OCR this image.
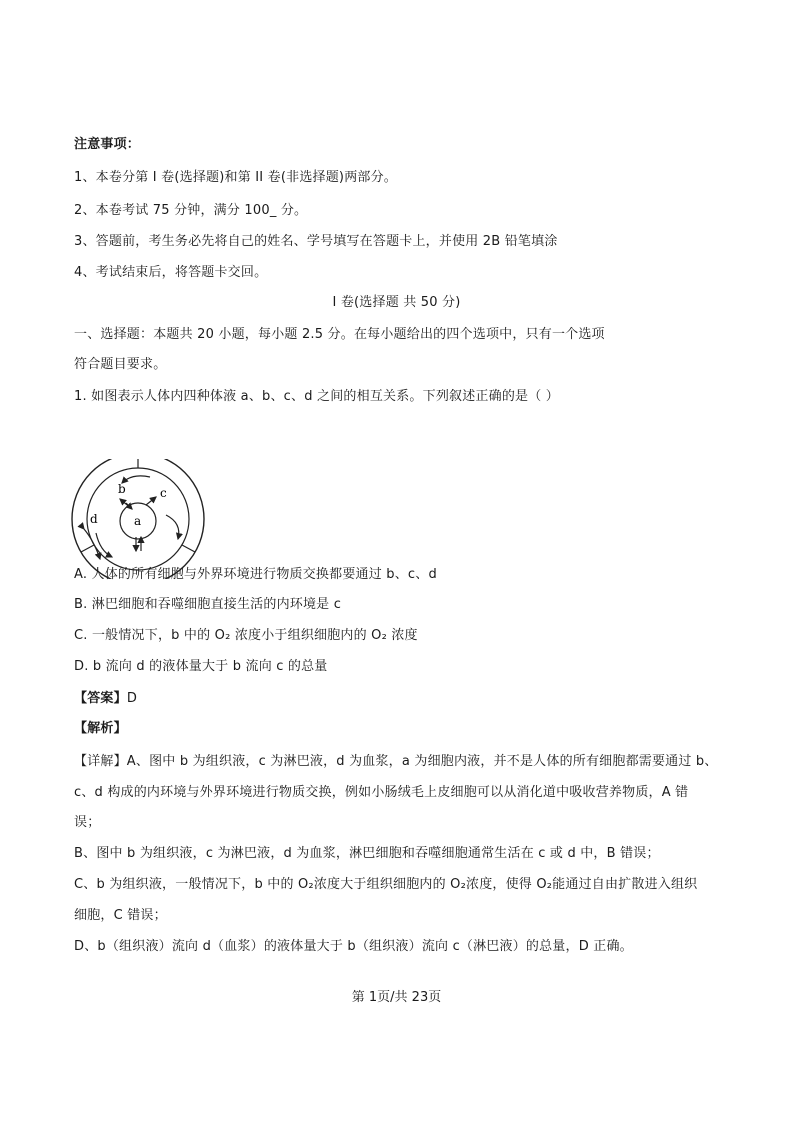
注意事项：
1、本卷分第 I 卷(选择题)和第 II 卷(非选择题)两部分。
2、本卷考试 75 分钟，满分 100_ 分。
3、答题前，考生务必先将自己的姓名、学号填写在答题卡上，并使用 2B 铅笔填涂
4、考试结束后，将答题卡交回。
I 卷(选择题 共 50 分)
一、选择题：本题共 20 小题，每小题 2.5 分。在每小题给出的四个选项中，只有一个选项
符合题目要求。
1. 如图表示人体内四种体液 a、b、c、d 之间的相互关系。下列叙述正确的是（ ）
a
b	c
d
A. 人体的所有细胞与外界环境进行物质交换都要通过 b、c、d
B. 淋巴细胞和吞噬细胞直接生活的内环境是 c
C. 一般情况下，b 中的 O₂ 浓度小于组织细胞内的 O₂ 浓度
D. b 流向 d 的液体量大于 b 流向 c 的总量
【答案】D
【解析】
【详解】A、图中 b 为组织液，c 为淋巴液，d 为血浆，a 为细胞内液，并不是人体的所有细胞都需要通过 b、
c、d 构成的内环境与外界环境进行物质交换，例如小肠绒毛上皮细胞可以从消化道中吸收营养物质，A 错
误；
B、图中 b 为组织液，c 为淋巴液，d 为血浆，淋巴细胞和吞噬细胞通常生活在 c 或 d 中，B 错误；
C、b 为组织液，一般情况下，b 中的 O₂浓度大于组织细胞内的 O₂浓度，使得 O₂能通过自由扩散进入组织
细胞，C 错误；
D、b（组织液）流向 d（血浆）的液体量大于 b（组织液）流向 c（淋巴液）的总量，D 正确。
第 1页/共 23页
